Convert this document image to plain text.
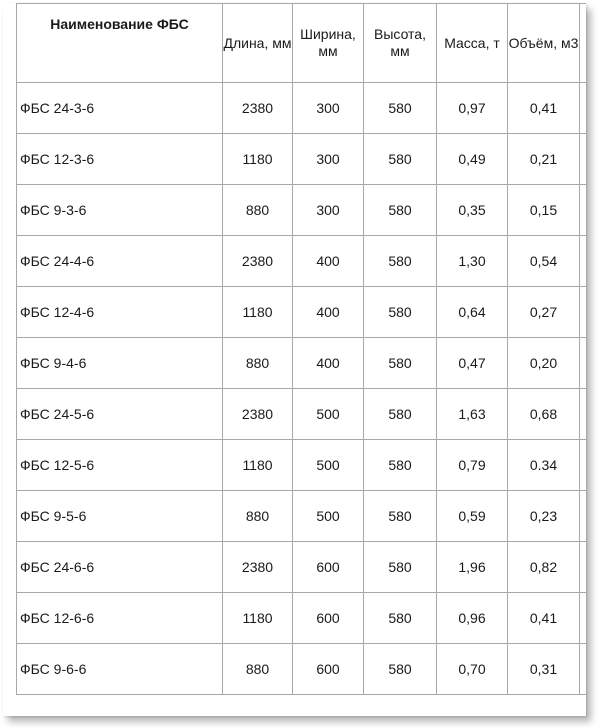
Наименование ФБС	Длина, мм	Ширина, мм	Высота, мм	Масса, т	Объём, м3	
ФБС 24-3-6	2380	300	580	0,97	0,41	
ФБС 12-3-6	1180	300	580	0,49	0,21	
ФБС 9-3-6	880	300	580	0,35	0,15	
ФБС 24-4-6	2380	400	580	1,30	0,54	
ФБС 12-4-6	1180	400	580	0,64	0,27	
ФБС 9-4-6	880	400	580	0,47	0,20	
ФБС 24-5-6	2380	500	580	1,63	0,68	
ФБС 12-5-6	1180	500	580	0,79	0.34	
ФБС 9-5-6	880	500	580	0,59	0,23	
ФБС 24-6-6	2380	600	580	1,96	0,82	
ФБС 12-6-6	1180	600	580	0,96	0,41	
ФБС 9-6-6	880	600	580	0,70	0,31	
